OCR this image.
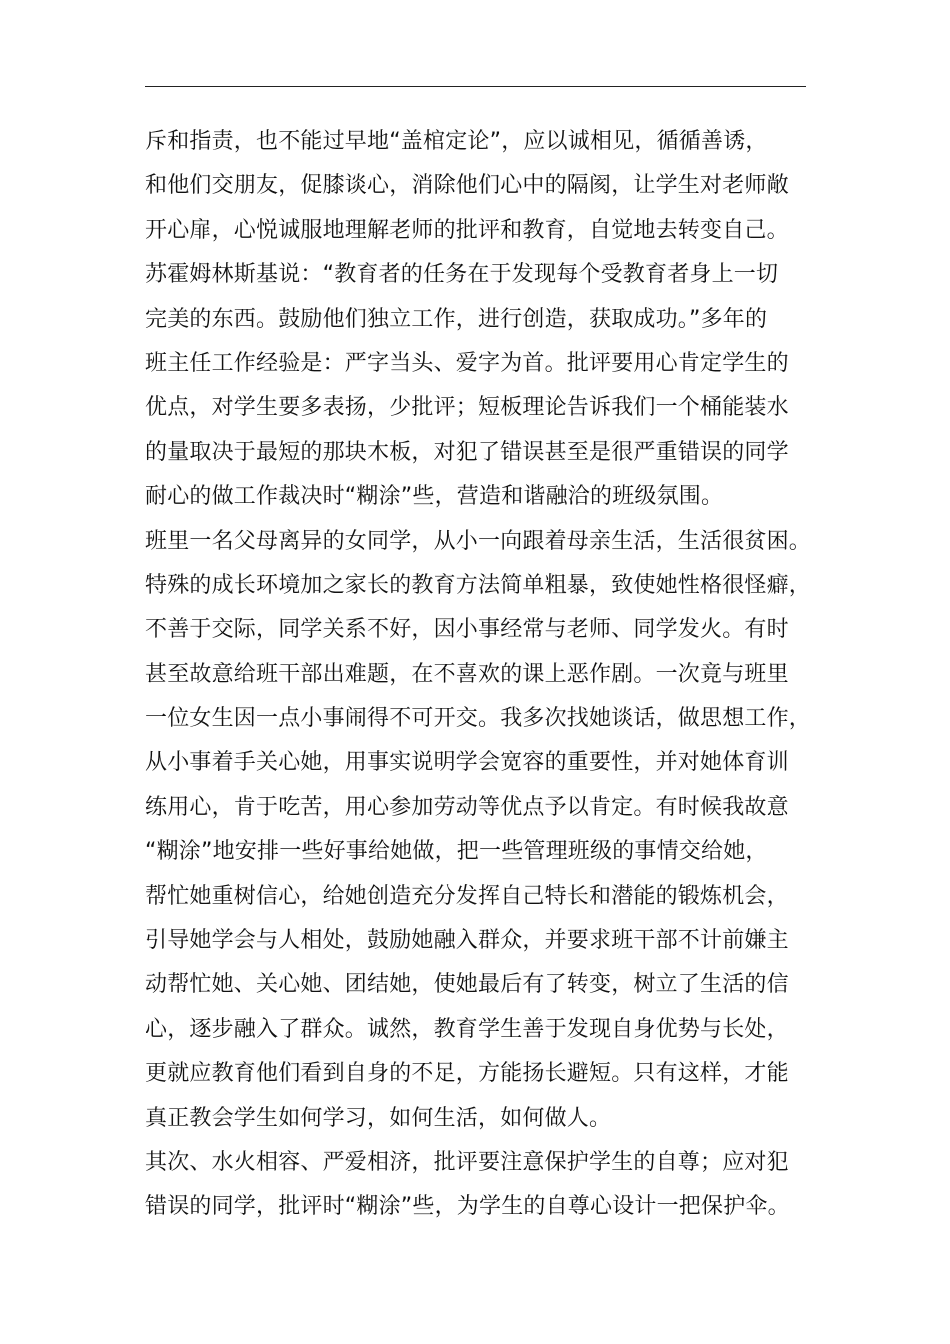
斥和指责，也不能过早地“盖棺定论”，应以诚相见，循循善诱，
和他们交朋友，促膝谈心，消除他们心中的隔阂，让学生对老师敞
开心扉，心悦诚服地理解老师的批评和教育，自觉地去转变自己。
苏霍姆林斯基说：“教育者的任务在于发现每个受教育者身上一切
完美的东西。鼓励他们独立工作，进行创造，获取成功。”多年的
班主任工作经验是：严字当头、爱字为首。批评要用心肯定学生的
优点，对学生要多表扬，少批评；短板理论告诉我们一个桶能装水
的量取决于最短的那块木板，对犯了错误甚至是很严重错误的同学
耐心的做工作裁决时“糊涂”些，营造和谐融洽的班级氛围。
班里一名父母离异的女同学，从小一向跟着母亲生活，生活很贫困。
特殊的成长环境加之家长的教育方法简单粗暴，致使她性格很怪癖，
不善于交际，同学关系不好，因小事经常与老师、同学发火。有时
甚至故意给班干部出难题，在不喜欢的课上恶作剧。一次竟与班里
一位女生因一点小事闹得不可开交。我多次找她谈话，做思想工作，
从小事着手关心她，用事实说明学会宽容的重要性，并对她体育训
练用心，肯于吃苦，用心参加劳动等优点予以肯定。有时候我故意
“糊涂”地安排一些好事给她做，把一些管理班级的事情交给她，
帮忙她重树信心，给她创造充分发挥自己特长和潜能的锻炼机会，
引导她学会与人相处，鼓励她融入群众，并要求班干部不计前嫌主
动帮忙她、关心她、团结她，使她最后有了转变，树立了生活的信
心，逐步融入了群众。诚然，教育学生善于发现自身优势与长处，
更就应教育他们看到自身的不足，方能扬长避短。只有这样，才能
真正教会学生如何学习，如何生活，如何做人。
其次、水火相容、严爱相济，批评要注意保护学生的自尊；应对犯
错误的同学，批评时“糊涂”些，为学生的自尊心设计一把保护伞。
